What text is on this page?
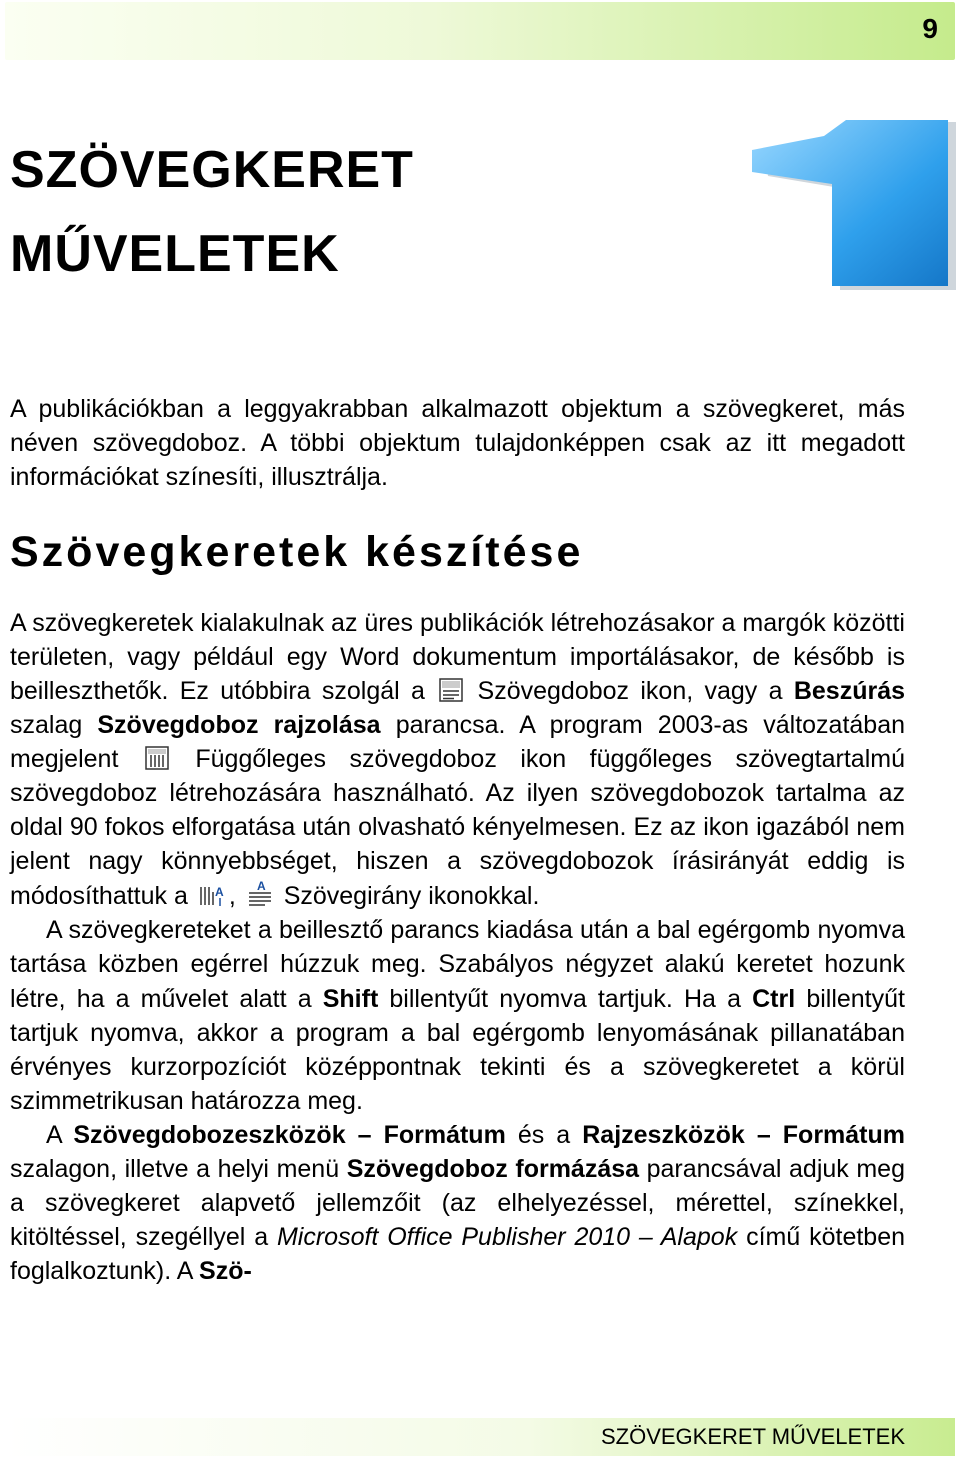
9
SZÖVEGKERET
MŰVELETEK
A publikációkban a leggyakrabban alkalmazott objektum a szövegkeret, más néven szövegdoboz. A többi objektum tulajdonképpen csak az itt megadott információkat színesíti, illusztrálja.
Szövegkeretek készítése

A szövegkeretek kialakulnak az üres publikációk létrehozásakor a margók közötti területen, vagy például egy Word dokumentum importálásakor, de később is beilleszthetők. Ez utóbbira szolgál a Szövegdoboz ikon, vagy a Beszúrás szalag Szövegdoboz rajzolása parancsa. A program 2003-as változatában megjelent	Függőleges szövegdoboz ikon függőleges szövegtartalmú szövegdoboz létrehozására használható. Az ilyen szövegdobozok tartalma az oldal 90 fokos elforgatása után olvasható kényelmesen. Ez az ikon igazából nem jelent nagy könnyebbséget, hiszen a szövegdobozok írásirányát eddig is módosíthattuk a A , A Szövegirány ikonokkal.

A szövegkereteket a beillesztő parancs kiadása után a bal egérgomb nyomva tartása közben egérrel húzzuk meg. Szabályos négyzet alakú keretet hozunk létre, ha a művelet alatt a Shift billentyűt nyomva tartjuk. Ha a Ctrl billentyűt tartjuk nyomva, akkor a program a bal egérgomb lenyomásának pillanatában érvényes kurzorpozíciót középpontnak tekinti és a szövegkeretet a körül szimmetrikusan határozza meg.

A Szövegdobozeszközök – Formátum és a Rajzeszközök – Formátum szalagon, illetve a helyi menü Szövegdoboz formázása parancsával adjuk meg a szövegkeret alapvető jellemzőit (az elhelyezéssel, mérettel, színekkel, kitöltéssel, szegéllyel a Microsoft Office Publisher 2010 – Alapok című kötetben foglalkoztunk). A Szö-

SZÖVEGKERET MŰVELETEK
